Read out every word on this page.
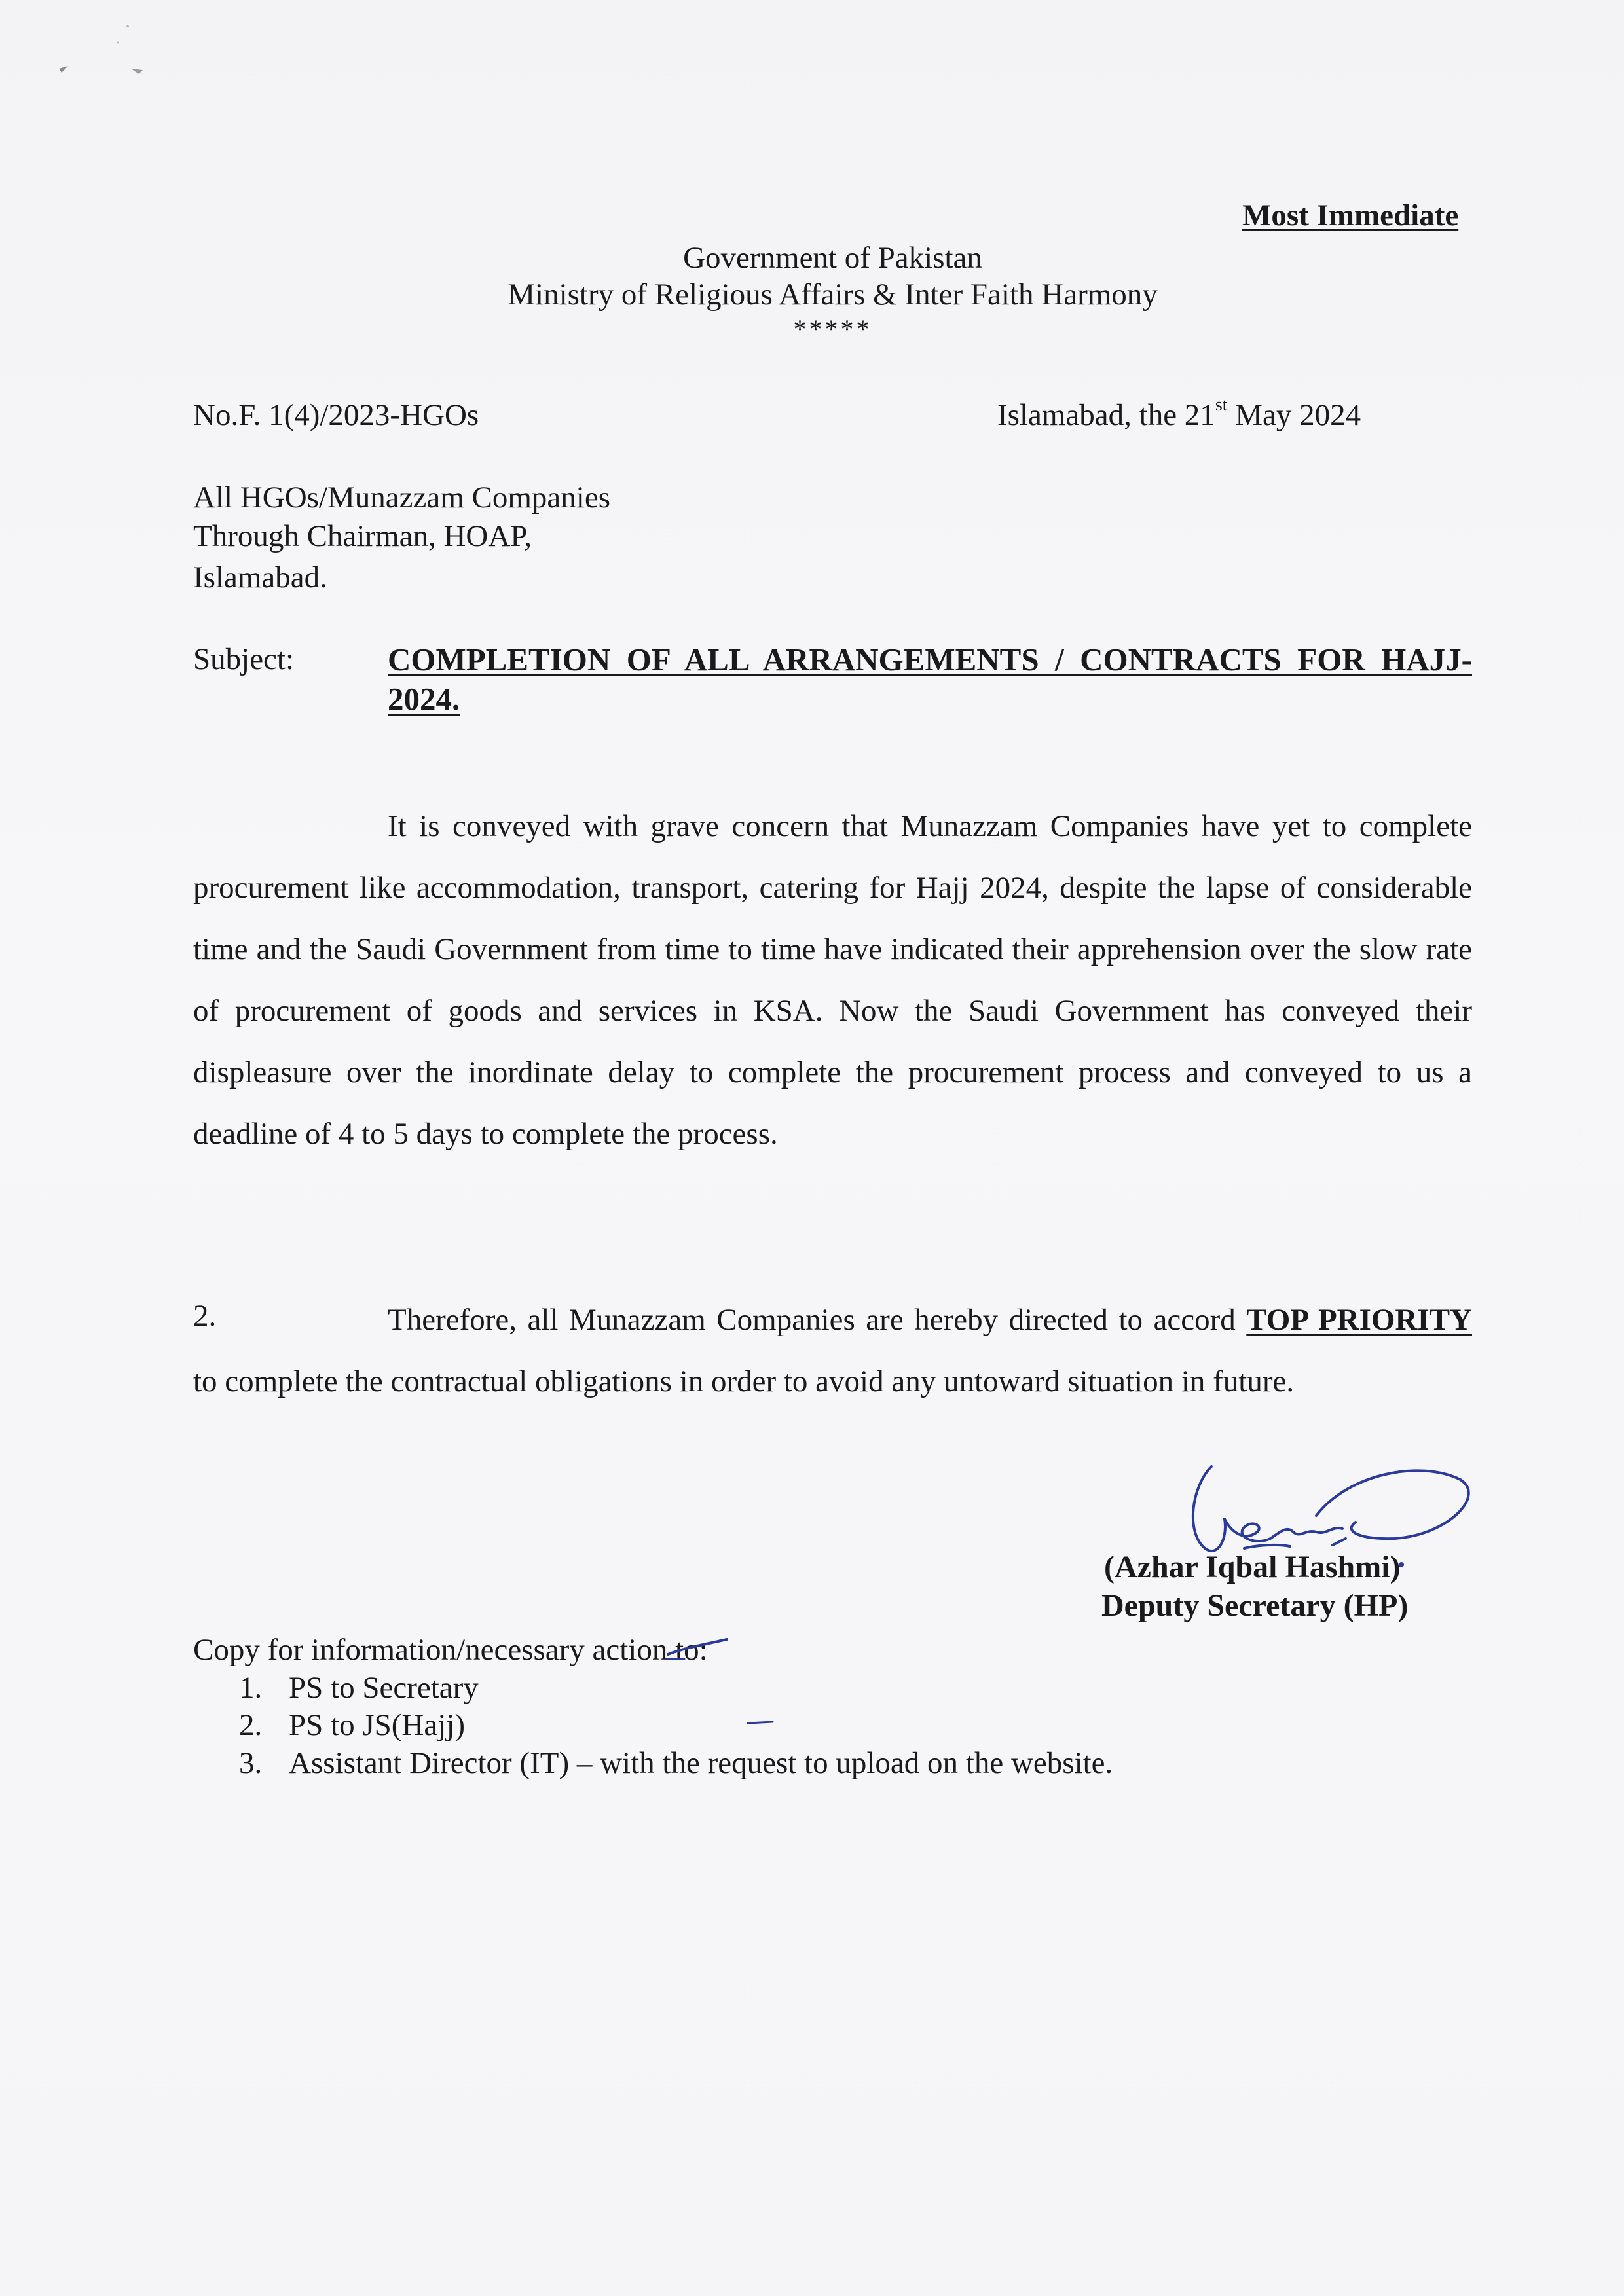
Most Immediate
Government of Pakistan
Ministry of Religious Affairs & Inter Faith Harmony
*****
No.F. 1(4)/2023-HGOs	Islamabad, the 21st May 2024
All HGOs/Munazzam Companies
Through Chairman, HOAP,
Islamabad.
Subject:	COMPLETION OF ALL ARRANGEMENTS / CONTRACTS FOR HAJJ-2024.
It is conveyed with grave concern that Munazzam Companies have yet to complete procurement like accommodation, transport, catering for Hajj 2024, despite the lapse of considerable time and the Saudi Government from time to time have indicated their apprehension over the slow rate of procurement of goods and services in KSA. Now the Saudi Government has conveyed their displeasure over the inordinate delay to complete the procurement process and conveyed to us a deadline of 4 to 5 days to complete the process.
Therefore, all Munazzam Companies are hereby directed to accord TOP PRIORITY to complete the contractual obligations in order to avoid any untoward situation in future.
2.
(Azhar Iqbal Hashmi)
Deputy Secretary (HP)
Copy for information/necessary action to:
1. PS to Secretary
2. PS to JS(Hajj)
3. Assistant Director (IT) – with the request to upload on the website.
